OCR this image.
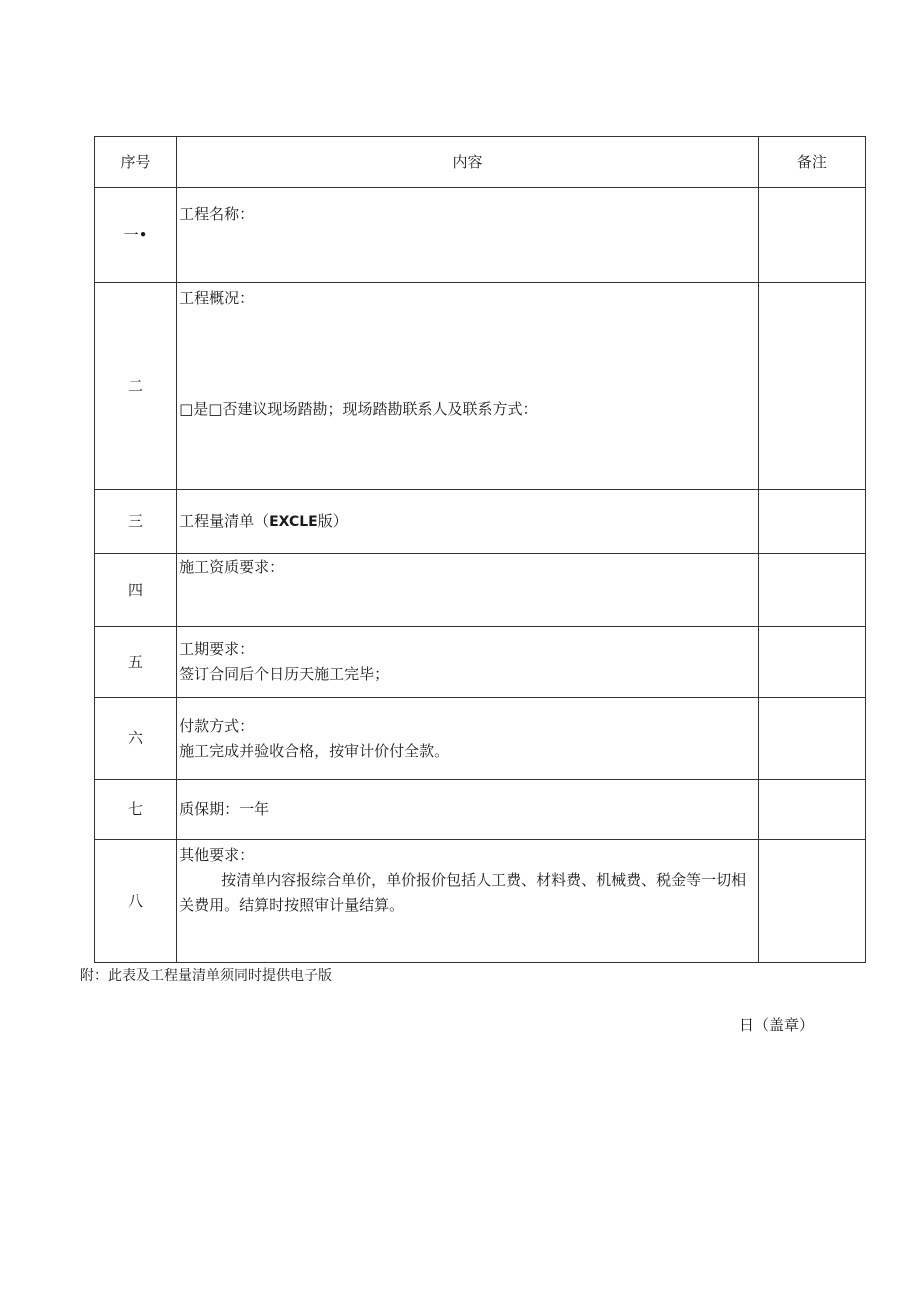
序号	内容	备注
一•	工程名称：	

二	工程概况：
□是□否建议现场踏勘；现场踏勘联系人及联系方式：	

三	工程量清单（EXCLE版）	
四	施工资质要求：	

五	工期要求：
签订合同后个日历天施工完毕；	

六	付款方式：
施工完成并验收合格，按审计价付全款。	

七	质保期：一年	

八	其他要求：
按清单内容报综合单价，单价报价包括人工费、材料费、机械费、税金等一切相关费用。结算时按照审计量结算。	

附：此表及工程量清单须同时提供电子版
日（盖章）
